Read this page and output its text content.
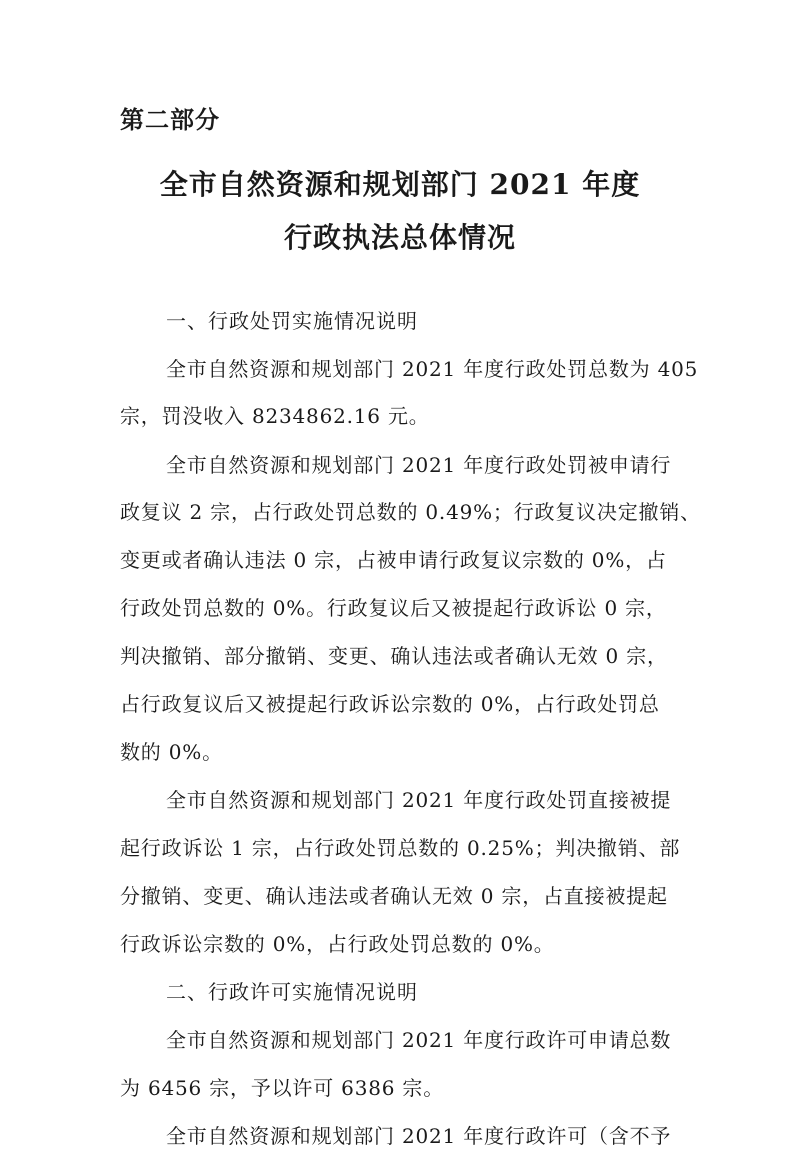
第二部分
全市自然资源和规划部门 2021 年度
行政执法总体情况
一、行政处罚实施情况说明
全市自然资源和规划部门 2021 年度行政处罚总数为 405
宗，罚没收入 8234862.16 元。
全市自然资源和规划部门 2021 年度行政处罚被申请行
政复议 2 宗，占行政处罚总数的 0.49%；行政复议决定撤销、
变更或者确认违法 0 宗，占被申请行政复议宗数的 0%，占
行政处罚总数的 0%。行政复议后又被提起行政诉讼 0 宗，
判决撤销、部分撤销、变更、确认违法或者确认无效 0 宗，
占行政复议后又被提起行政诉讼宗数的 0%，占行政处罚总
数的 0%。
全市自然资源和规划部门 2021 年度行政处罚直接被提
起行政诉讼 1 宗，占行政处罚总数的 0.25%；判决撤销、部
分撤销、变更、确认违法或者确认无效 0 宗，占直接被提起
行政诉讼宗数的 0%，占行政处罚总数的 0%。
二、行政许可实施情况说明
全市自然资源和规划部门 2021 年度行政许可申请总数
为 6456 宗，予以许可 6386 宗。
全市自然资源和规划部门 2021 年度行政许可（含不予
